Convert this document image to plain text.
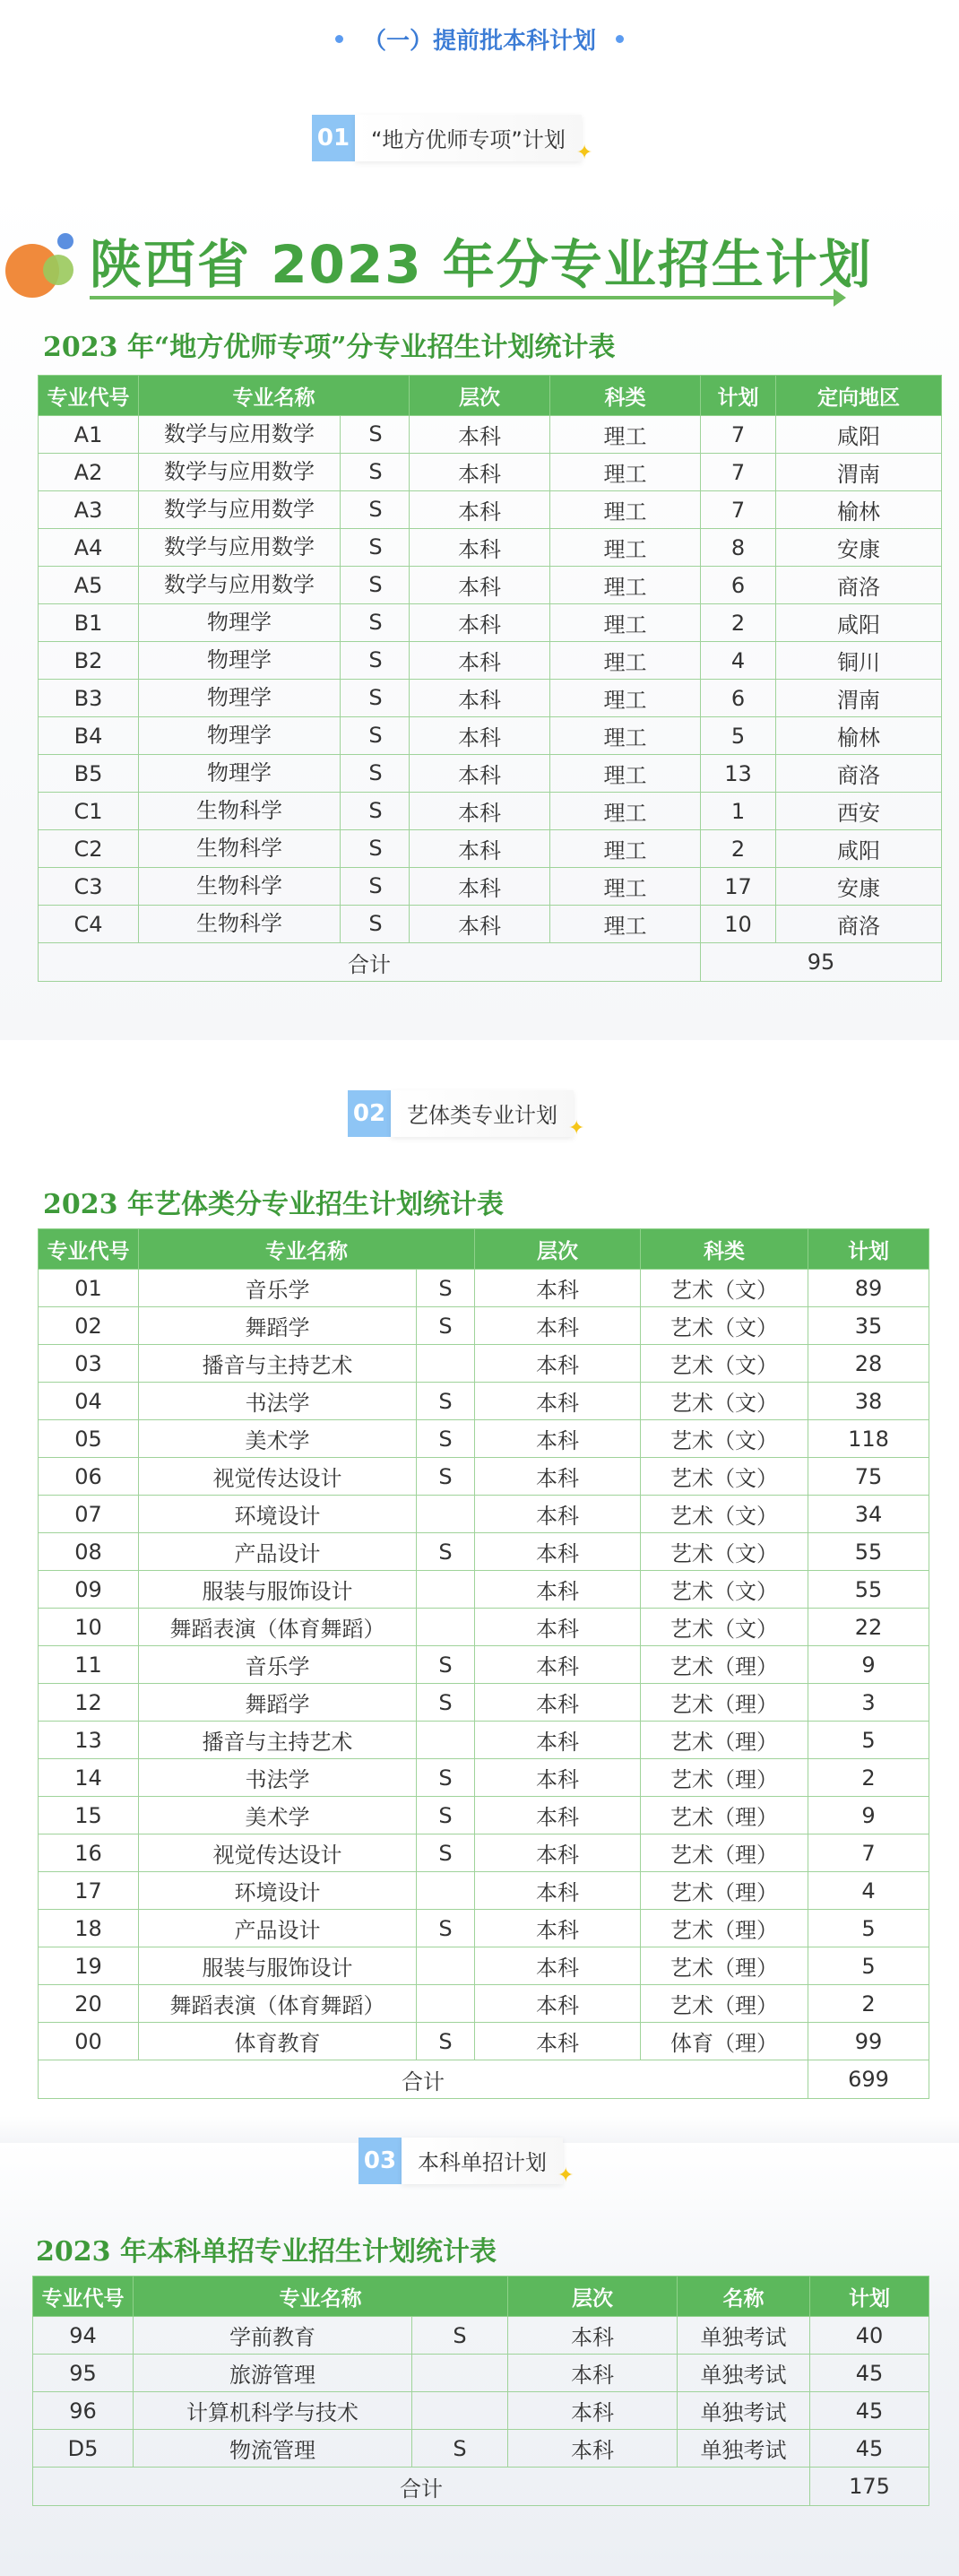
（一）提前批本科计划
01 “地方优师专项”计划
✦
陕西省 2023 年分专业招生计划
2023 年“地方优师专项”分专业招生计划统计表
专业代号	专业名称	层次	科类	计划	定向地区
A1	数学与应用数学 S	本科	理工	7	咸阳
A2	数学与应用数学 S	本科	理工	7	渭南
A3	数学与应用数学 S	本科	理工	7	榆林
A4	数学与应用数学 S	本科	理工	8	安康
A5	数学与应用数学 S	本科	理工	6	商洛
B1	物理学 S	本科	理工	2	咸阳
B2	物理学 S	本科	理工	4	铜川
B3	物理学 S	本科	理工	6	渭南
B4	物理学 S	本科	理工	5	榆林
B5	物理学 S	本科	理工	13	商洛
C1	生物科学 S	本科	理工	1	西安
C2	生物科学 S	本科	理工	2	咸阳
C3	生物科学 S	本科	理工	17	安康
C4	生物科学 S	本科	理工	10	商洛
合计				95	
02 艺体类专业计划
✦
2023 年艺体类分专业招生计划统计表
专业代号	专业名称		层次	科类	计划
01	音乐学	S	本科	艺术（文）	89
02	舞蹈学	S	本科	艺术（文）	35
03	播音与主持艺术		本科	艺术（文）	28
04	书法学	S	本科	艺术（文）	38
05	美术学	S	本科	艺术（文）	118
06	视觉传达设计	S	本科	艺术（文）	75
07	环境设计		本科	艺术（文）	34
08	产品设计	S	本科	艺术（文）	55
09	服装与服饰设计		本科	艺术（文）	55
10	舞蹈表演（体育舞蹈）		本科	艺术（文）	22
11	音乐学	S	本科	艺术（理）	9
12	舞蹈学	S	本科	艺术（理）	3
13	播音与主持艺术		本科	艺术（理）	5
14	书法学	S	本科	艺术（理）	2
15	美术学	S	本科	艺术（理）	9
16	视觉传达设计	S	本科	艺术（理）	7
17	环境设计		本科	艺术（理）	4
18	产品设计	S	本科	艺术（理）	5
19	服装与服饰设计		本科	艺术（理）	5
20	舞蹈表演（体育舞蹈）		本科	艺术（理）	2
00	体育教育	S	本科	体育（理）	99
合计					699
03 本科单招计划
✦
2023 年本科单招专业招生计划统计表
专业代号	专业名称		层次	名称	计划
94	学前教育	S	本科	单独考试	40
95	旅游管理		本科	单独考试	45
96	计算机科学与技术		本科	单独考试	45
D5	物流管理	S	本科	单独考试	45
合计					175
